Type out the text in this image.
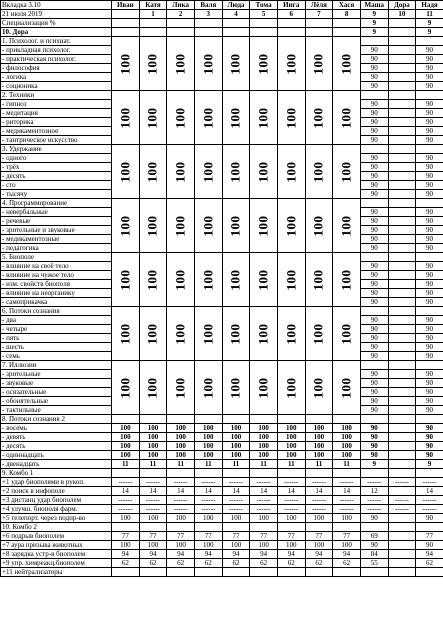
Вкладка 3.10	Иван	Катя	Лика	Валя	Люда	Тома	Инга	Лёля	Хася	Маша	Дора	Надя
21 июля 2019		1	2	3	4	5	6	7	8	9	10	11
Специализация %										9		9
10. Дора										9		9
1. Психолог. и психиат.	100	100	100	100	100	100	100	100	100			
- прикладная психолог.										90		90
- практическая психолог.										90		90
- философия										90		90
- логика										90		90
- соционика										90		90
2. Техники	100	100	100	100	100	100	100	100	100			
- гипноз										90		90
- медитация										90		90
- риторика										90		90
- медикаментозное										90		90
- тантрическое искусство										90		90
3. Удержание	100	100	100	100	100	100	100	100	100			
- одного										90		90
- трёх										90		90
- десять										90		90
- сто										90		90
- тысячу										90		90
4. Программирование	100	100	100	100	100	100	100	100	100			
- невербальные										90		90
- речевые										90		90
- зрительные и звуковые										90		90
- медикаментозные										90		90
- педагогика										90		90
5. Биополе	100	100	100	100	100	100	100	100	100			
- влияние на своё тело										90		90
- влияние на чужое тело										90		90
- изм. свойств биополя										90		90
- влияние на неорганику										90		90
- самоприкачка										90		90
6. Потоки сознания	100	100	100	100	100	100	100	100	100			
- два										90		90
- четыре										90		90
- пять										90		90
- шесть										90		90
- семь										90		90
7. Иллюзии	100	100	100	100	100	100	100	100	100			
- зрительные										90		90
- звуковые										90		90
- осязательные										90		90
- обонятельные										90		90
- тактильные										90		90
8. Потоки сознания 2												
- восемь	100	100	100	100	100	100	100	100	100	90		90
- девять	100	100	100	100	100	100	100	100	100	90		90
- десять	100	100	100	100	100	100	100	100	100	90		90
- одиннадцать	100	100	100	100	100	100	100	100	100	90		90
- двенадцать	11	11	11	11	11	11	11	11	11	9		9
9. Комбо 1												
+1 удар биополями в рукоп.	------	------	------	------	------	------	------	------	------	------	------	------
+2 поиск в инфополе	14	14	14	14	14	14	14	14	14	12		14
+3 дистанц удар биополем	------	------	------	------	------	------	------	------	------	------	------	------
+4 улучш. биополя фарм.	------	------	------	------	------	------	------	------	------	------	------	------
+5 телепорт. через подпр-во	100	100	100	100	100	100	100	100	100	90		90
10. Комбо 2												
+6 подрыв биополем	77	77	77	77	77	77	77	77	77	69		77
+7 аура призыва животных	100	100	100	100	100	100	100	100	100	90		90
+8 зарядка устр-в биополем	94	94	94	94	94	94	94	94	94	84		94
+9 упр. химреакц.биополем	62	62	62	62	62	62	62	62	62	55		62
+11 нейтрализаторы												
